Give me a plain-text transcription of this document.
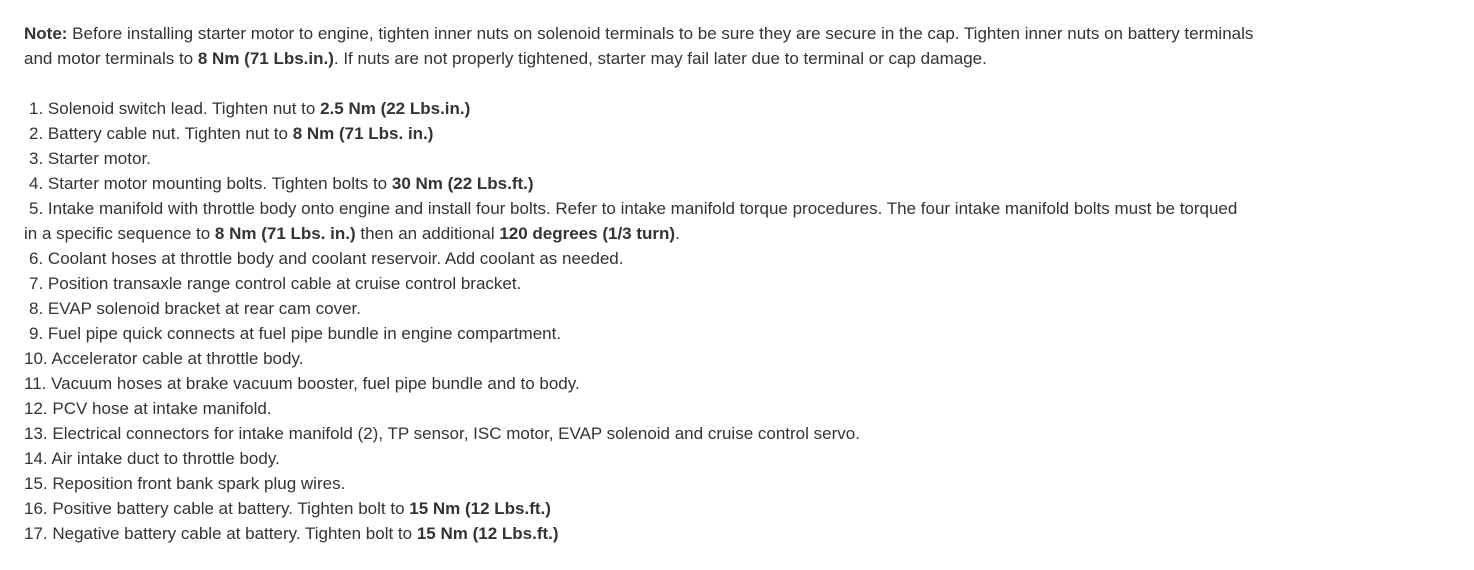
Note: Before installing starter motor to engine, tighten inner nuts on solenoid terminals to be sure they are secure in the cap. Tighten inner nuts on battery terminals and motor terminals to 8 Nm (71 Lbs.in.). If nuts are not properly tightened, starter may fail later due to terminal or cap damage.

1. Solenoid switch lead. Tighten nut to 2.5 Nm (22 Lbs.in.)

2. Battery cable nut. Tighten nut to 8 Nm (71 Lbs. in.)

3. Starter motor.

4. Starter motor mounting bolts. Tighten bolts to 30 Nm (22 Lbs.ft.)

5. Intake manifold with throttle body onto engine and install four bolts. Refer to intake manifold torque procedures. The four intake manifold bolts must be torqued in a specific sequence to 8 Nm (71 Lbs. in.) then an additional 120 degrees (1/3 turn).

6. Coolant hoses at throttle body and coolant reservoir. Add coolant as needed.

7. Position transaxle range control cable at cruise control bracket.

8. EVAP solenoid bracket at rear cam cover.

9. Fuel pipe quick connects at fuel pipe bundle in engine compartment.

10. Accelerator cable at throttle body.

11. Vacuum hoses at brake vacuum booster, fuel pipe bundle and to body.

12. PCV hose at intake manifold.

13. Electrical connectors for intake manifold (2), TP sensor, ISC motor, EVAP solenoid and cruise control servo.

14. Air intake duct to throttle body.

15. Reposition front bank spark plug wires.

16. Positive battery cable at battery. Tighten bolt to 15 Nm (12 Lbs.ft.)

17. Negative battery cable at battery. Tighten bolt to 15 Nm (12 Lbs.ft.)
